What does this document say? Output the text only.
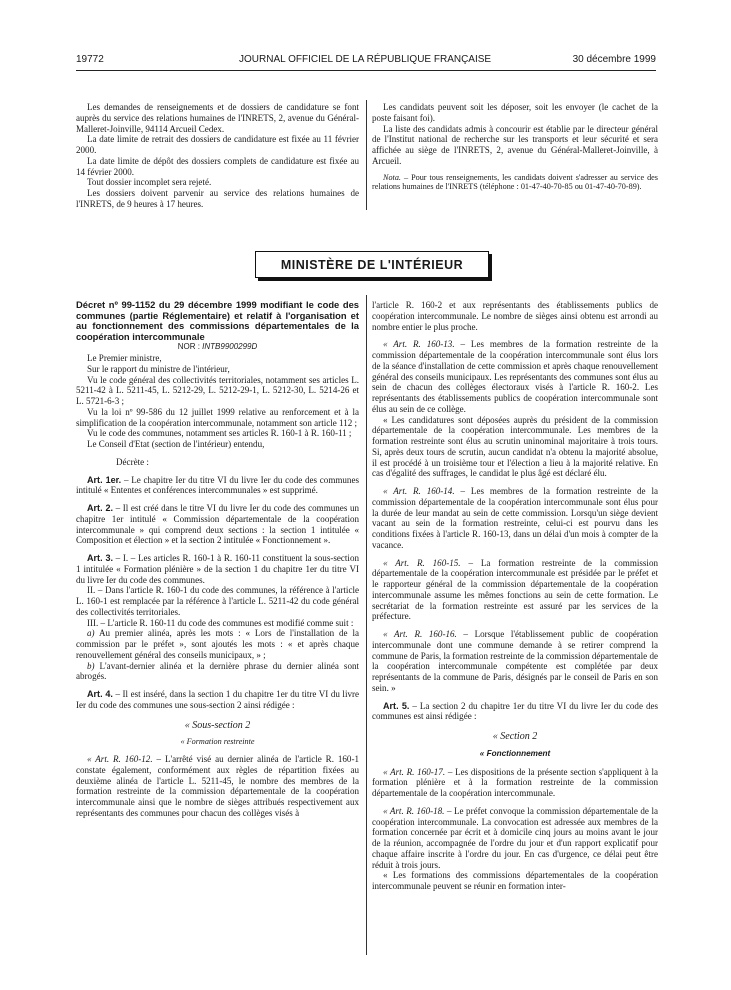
19772	JOURNAL OFFICIEL DE LA RÉPUBLIQUE FRANÇAISE	30 décembre 1999

Les demandes de renseignements et de dossiers de candidature se font auprès du service des relations humaines de l'INRETS, 2, avenue du Général-Malleret-Joinville, 94114 Arcueil Cedex.

La date limite de retrait des dossiers de candidature est fixée au 11 février 2000.

La date limite de dépôt des dossiers complets de candidature est fixée au 14 février 2000.

Tout dossier incomplet sera rejeté.

Les dossiers doivent parvenir au service des relations humaines de l'INRETS, de 9 heures à 17 heures.

Les candidats peuvent soit les déposer, soit les envoyer (le cachet de la poste faisant foi).

La liste des candidats admis à concourir est établie par le directeur général de l'Institut national de recherche sur les transports et leur sécurité et sera affichée au siège de l'INRETS, 2, avenue du Général-Malleret-Joinville, à Arcueil.

Nota. – Pour tous renseignements, les candidats doivent s'adresser au service des relations humaines de l'INRETS (téléphone : 01-47-40-70-85 ou 01-47-40-70-89).

MINISTÈRE DE L'INTÉRIEUR

Décret nº 99-1152 du 29 décembre 1999 modifiant le code des communes (partie Réglementaire) et relatif à l'organisation et au fonctionnement des commissions départementales de la coopération intercommunale

NOR : INTB9900299D

Le Premier ministre,

Sur le rapport du ministre de l'intérieur,

Vu le code général des collectivités territoriales, notamment ses articles L. 5211-42 à L. 5211-45, L. 5212-29, L. 5212-29-1, L. 5212-30, L. 5214-26 et L. 5721-6-3 ;

Vu la loi nº 99-586 du 12 juillet 1999 relative au renforcement et à la simplification de la coopération intercommunale, notamment son article 112 ;

Vu le code des communes, notamment ses articles R. 160-1 à R. 160-11 ;

Le Conseil d'Etat (section de l'intérieur) entendu,

Décrète :

Art. 1er. – Le chapitre Ier du titre VI du livre Ier du code des communes intitulé « Ententes et conférences intercommunales » est supprimé.

Art. 2. – Il est créé dans le titre VI du livre Ier du code des communes un chapitre 1er intitulé « Commission départementale de la coopération intercommunale » qui comprend deux sections : la section 1 intitulée « Composition et élection » et la section 2 intitulée « Fonctionnement ».

Art. 3. – I. – Les articles R. 160-1 à R. 160-11 constituent la sous-section 1 intitulée « Formation plénière » de la section 1 du chapitre 1er du titre VI du livre Ier du code des communes.

II. – Dans l'article R. 160-1 du code des communes, la référence à l'article L. 160-1 est remplacée par la référence à l'article L. 5211-42 du code général des collectivités territoriales.

III. – L'article R. 160-11 du code des communes est modifié comme suit :

a) Au premier alinéa, après les mots : « Lors de l'installation de la commission par le préfet », sont ajoutés les mots : « et après chaque renouvellement général des conseils municipaux, » ;

b) L'avant-dernier alinéa et la dernière phrase du dernier alinéa sont abrogés.

Art. 4. – Il est inséré, dans la section 1 du chapitre 1er du titre VI du livre Ier du code des communes une sous-section 2 ainsi rédigée :

« Sous-section 2

« Formation restreinte

« Art. R. 160-12. – L'arrêté visé au dernier alinéa de l'article R. 160-1 constate également, conformément aux règles de répartition fixées au deuxième alinéa de l'article L. 5211-45, le nombre des membres de la formation restreinte de la commission départementale de la coopération intercommunale ainsi que le nombre de sièges attribués respectivement aux représentants des communes pour chacun des collèges visés à

l'article R. 160-2 et aux représentants des établissements publics de coopération intercommunale. Le nombre de sièges ainsi obtenu est arrondi au nombre entier le plus proche.

« Art. R. 160-13. – Les membres de la formation restreinte de la commission départementale de la coopération intercommunale sont élus lors de la séance d'installation de cette commission et après chaque renouvellement général des conseils municipaux. Les représentants des communes sont élus au sein de chacun des collèges électoraux visés à l'article R. 160-2. Les représentants des établissements publics de coopération intercommunale sont élus au sein de ce collège.

« Les candidatures sont déposées auprès du président de la commission départementale de la coopération intercommunale. Les membres de la formation restreinte sont élus au scrutin uninominal majoritaire à trois tours. Si, après deux tours de scrutin, aucun candidat n'a obtenu la majorité absolue, il est procédé à un troisième tour et l'élection a lieu à la majorité relative. En cas d'égalité des suffrages, le candidat le plus âgé est déclaré élu.

« Art. R. 160-14. – Les membres de la formation restreinte de la commission départementale de la coopération intercommunale sont élus pour la durée de leur mandat au sein de cette commission. Lorsqu'un siège devient vacant au sein de la formation restreinte, celui-ci est pourvu dans les conditions fixées à l'article R. 160-13, dans un délai d'un mois à compter de la vacance.

« Art. R. 160-15. – La formation restreinte de la commission départementale de la coopération intercommunale est présidée par le préfet et le rapporteur général de la commission départementale de la coopération intercommunale assume les mêmes fonctions au sein de cette formation. Le secrétariat de la formation restreinte est assuré par les services de la préfecture.

« Art. R. 160-16. – Lorsque l'établissement public de coopération intercommunale dont une commune demande à se retirer comprend la commune de Paris, la formation restreinte de la commission départementale de la coopération intercommunale compétente est complétée par deux représentants de la commune de Paris, désignés par le conseil de Paris en son sein. »

Art. 5. – La section 2 du chapitre 1er du titre VI du livre Ier du code des communes est ainsi rédigée :

« Section 2

« Fonctionnement

« Art. R. 160-17. – Les dispositions de la présente section s'appliquent à la formation plénière et à la formation restreinte de la commission départementale de la coopération intercommunale.

« Art. R. 160-18. – Le préfet convoque la commission départementale de la coopération intercommunale. La convocation est adressée aux membres de la formation concernée par écrit et à domicile cinq jours au moins avant le jour de la réunion, accompagnée de l'ordre du jour et d'un rapport explicatif pour chaque affaire inscrite à l'ordre du jour. En cas d'urgence, ce délai peut être réduit à trois jours.

« Les formations des commissions départementales de la coopération intercommunale peuvent se réunir en formation inter-
